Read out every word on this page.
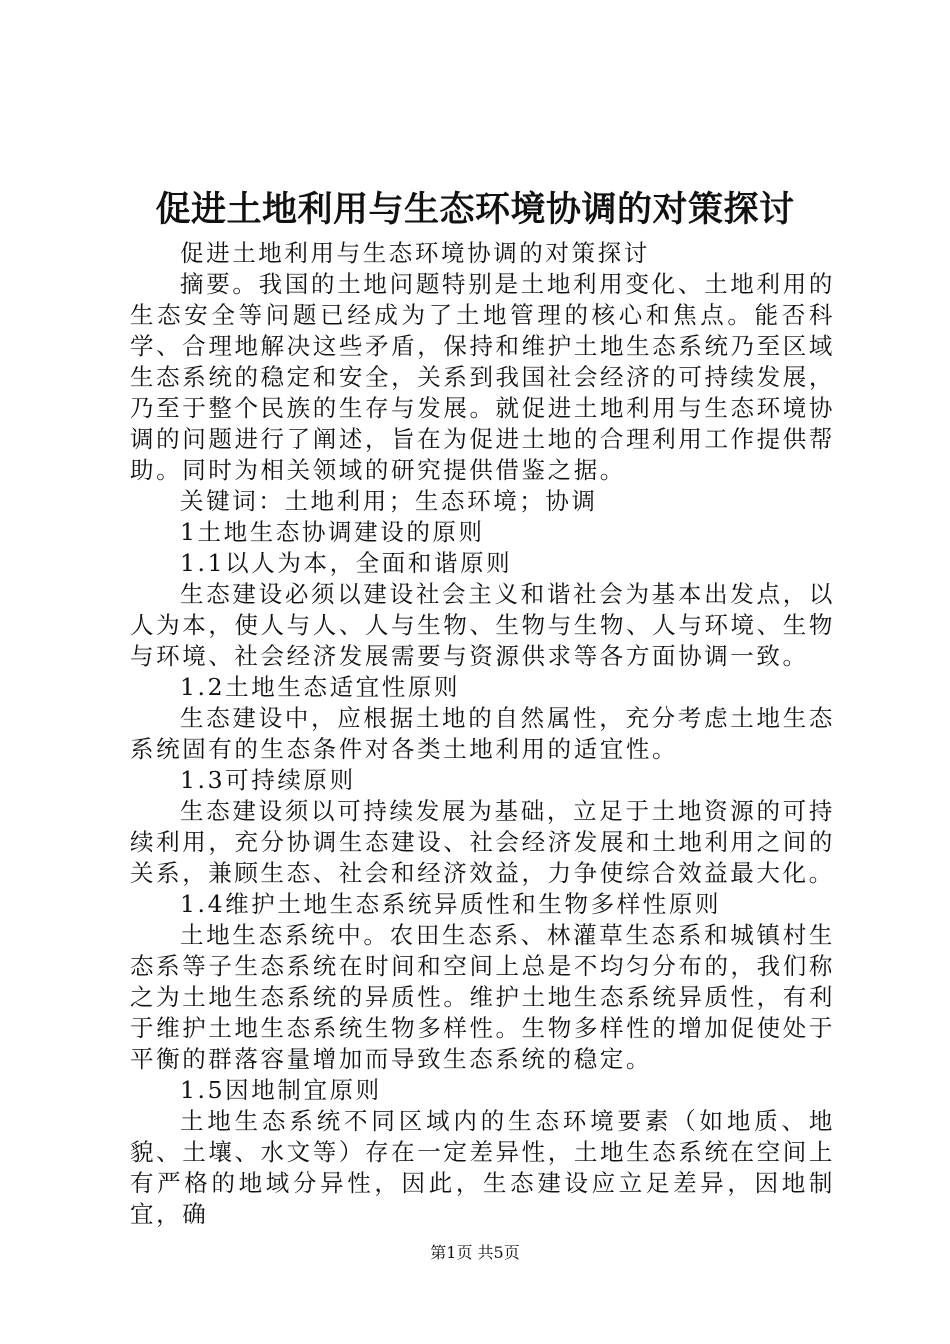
促进土地利用与生态环境协调的对策探讨

促进土地利用与生态环境协调的对策探讨

摘要。我国的土地问题特别是土地利用变化、土地利用的生态安全等问题已经成为了土地管理的核心和焦点。能否科学、合理地解决这些矛盾，保持和维护土地生态系统乃至区域生态系统的稳定和安全，关系到我国社会经济的可持续发展，乃至于整个民族的生存与发展。就促进土地利用与生态环境协调的问题进行了阐述，旨在为促进土地的合理利用工作提供帮助。同时为相关领域的研究提供借鉴之据。

关键词：土地利用；生态环境；协调

1土地生态协调建设的原则

1.1以人为本，全面和谐原则

生态建设必须以建设社会主义和谐社会为基本出发点，以人为本，使人与人、人与生物、生物与生物、人与环境、生物与环境、社会经济发展需要与资源供求等各方面协调一致。

1.2土地生态适宜性原则

生态建设中，应根据土地的自然属性，充分考虑土地生态系统固有的生态条件对各类土地利用的适宜性。

1.3可持续原则

生态建设须以可持续发展为基础，立足于土地资源的可持续利用，充分协调生态建设、社会经济发展和土地利用之间的关系，兼顾生态、社会和经济效益，力争使综合效益最大化。

1.4维护土地生态系统异质性和生物多样性原则

土地生态系统中。农田生态系、林灌草生态系和城镇村生态系等子生态系统在时间和空间上总是不均匀分布的，我们称之为土地生态系统的异质性。维护土地生态系统异质性，有利于维护土地生态系统生物多样性。生物多样性的增加促使处于平衡的群落容量增加而导致生态系统的稳定。

1.5因地制宜原则

土地生态系统不同区域内的生态环境要素（如地质、地貌、土壤、水文等）存在一定差异性，土地生态系统在空间上有严格的地域分异性，因此，生态建设应立足差异，因地制宜，确

第1页 共5页
